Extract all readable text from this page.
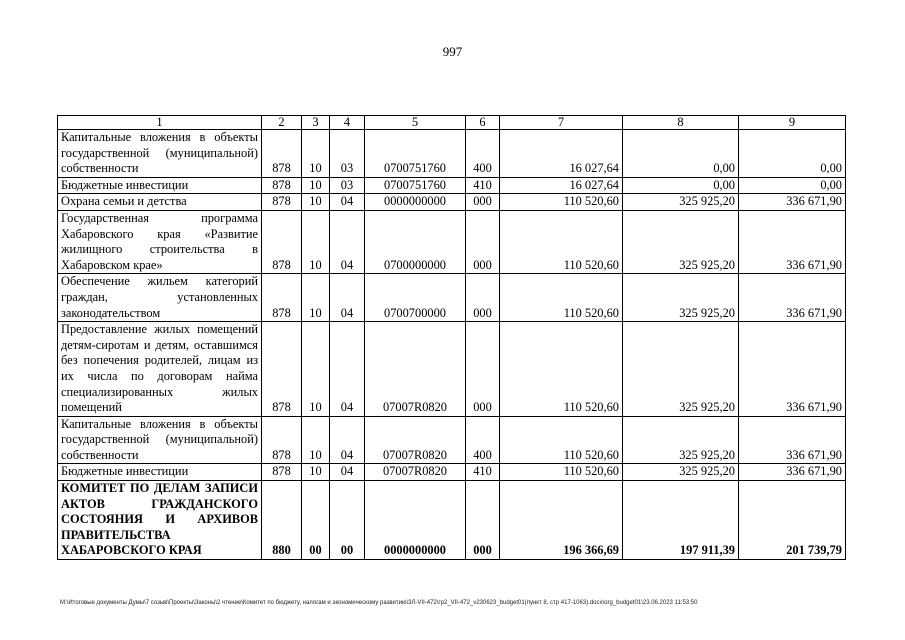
997
1	2	3	4	5	6	7	8	9
Капитальные вложения в объекты государственной (муниципальной) собственности	878	10	03	0700751760	400	16 027,64	0,00	0,00
Бюджетные инвестиции	878	10	03	0700751760	410	16 027,64	0,00	0,00
Охрана семьи и детства	878	10	04	0000000000	000	110 520,60	325 925,20	336 671,90
Государственная программа Хабаровского края «Развитие жилищного строительства в Хабаровском крае»	878	10	04	0700000000	000	110 520,60	325 925,20	336 671,90
Обеспечение жильем категорий граждан, установленных законодательством	878	10	04	0700700000	000	110 520,60	325 925,20	336 671,90
Предоставление жилых помещений детям-сиротам и детям, оставшимся без попечения родителей, лицам из их числа по договорам найма специализированных жилых помещений	878	10	04	07007R0820	000	110 520,60	325 925,20	336 671,90
Капитальные вложения в объекты государственной (муниципальной) собственности	878	10	04	07007R0820	400	110 520,60	325 925,20	336 671,90
Бюджетные инвестиции	878	10	04	07007R0820	410	110 520,60	325 925,20	336 671,90
КОМИТЕТ ПО ДЕЛАМ ЗАПИСИ АКТОВ ГРАЖДАНСКОГО СОСТОЯНИЯ И АРХИВОВ ПРАВИТЕЛЬСТВА ХАБАРОВСКОГО КРАЯ	880	00	00	0000000000	000	196 366,69	197 911,39	201 739,79
M:\Итоговые документы Думы\7 созыв\Проекты\Законы\2 чтение\Комитет по бюджету, налогам и экономическому развитию\3Л-VII-472\гр2_VII-472_v230623_budget01(пункт 8, стр 417-1063).docx\org_budget01\23.06.2023 11:53:50
